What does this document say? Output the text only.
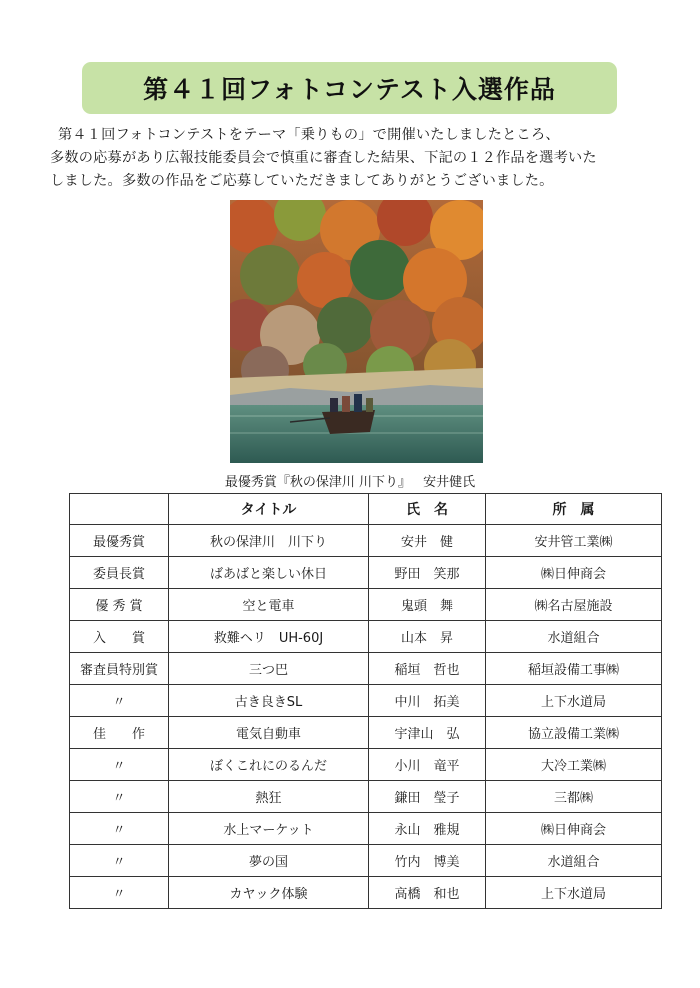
第４１回フォトコンテスト入選作品

第４１回フォトコンテストをテーマ「乗りもの」で開催いたしましたところ、

多数の応募があり広報技能委員会で慎重に審査した結果、下記の１２作品を選考いた

しました。多数の作品をご応募していただきましてありがとうございました。

最優秀賞『秋の保津川 川下り』 安井健氏
	タイトル	氏　名	所　属
最優秀賞	秋の保津川　川下り	安井　健	安井管工業㈱
委員長賞	ばあばと楽しい休日	野田　笑那	㈱日伸商会
優 秀 賞	空と電車	鬼頭　舞	㈱名古屋施設
入　　賞	救難ヘリ　UH-60J	山本　昇	水道組合
審査員特別賞	三つ巴	稲垣　哲也	稲垣設備工事㈱
〃	古き良きSL	中川　拓美	上下水道局
佳　　作	電気自動車	宇津山　弘	協立設備工業㈱
〃	ぼくこれにのるんだ	小川　竜平	大冷工業㈱
〃	熱狂	鎌田　瑩子	三都㈱
〃	水上マーケット	永山　雅規	㈱日伸商会
〃	夢の国	竹内　博美	水道組合
〃	カヤック体験	高橋　和也	上下水道局
